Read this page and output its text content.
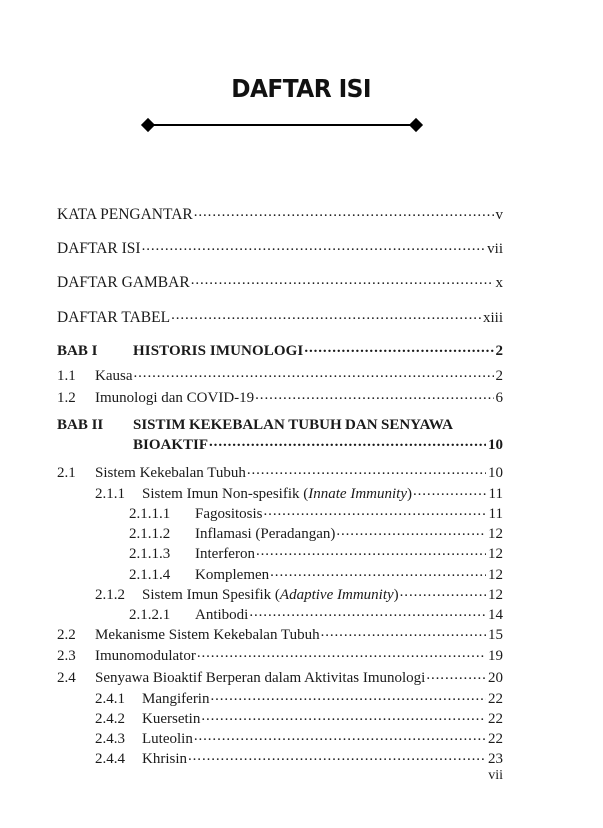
DAFTAR ISI
KATA PENGANTAR .....	v
DAFTAR ISI .....	vii
DAFTAR GAMBAR .....	x
DAFTAR TABEL .....	xiii
BAB I	HISTORIS IMUNOLOGI .....	2
1.1	Kausa .....	2
1.2	Imunologi dan COVID-19 .....	6
BAB II	SISTIM KEKEBALAN TUBUH DAN SENYAWA
BIOAKTIF .....	10
2.1	Sistem Kekebalan Tubuh .....	10
2.1.1	Sistem Imun Non-spesifik (Innate Immunity) .....	11
2.1.1.1	Fagositosis .....	11
2.1.1.2	Inflamasi (Peradangan) .....	12
2.1.1.3	Interferon .....	12
2.1.1.4	Komplemen .....	12
2.1.2	Sistem Imun Spesifik (Adaptive Immunity) .....	12
2.1.2.1	Antibodi .....	14
2.2	Mekanisme Sistem Kekebalan Tubuh .....	15
2.3	Imunomodulator .....	19
2.4	Senyawa Bioaktif Berperan dalam Aktivitas Imunologi .....	20
2.4.1	Mangiferin .....	22
2.4.2	Kuersetin .....	22
2.4.3	Luteolin .....	22
2.4.4	Khrisin .....	23
vii
